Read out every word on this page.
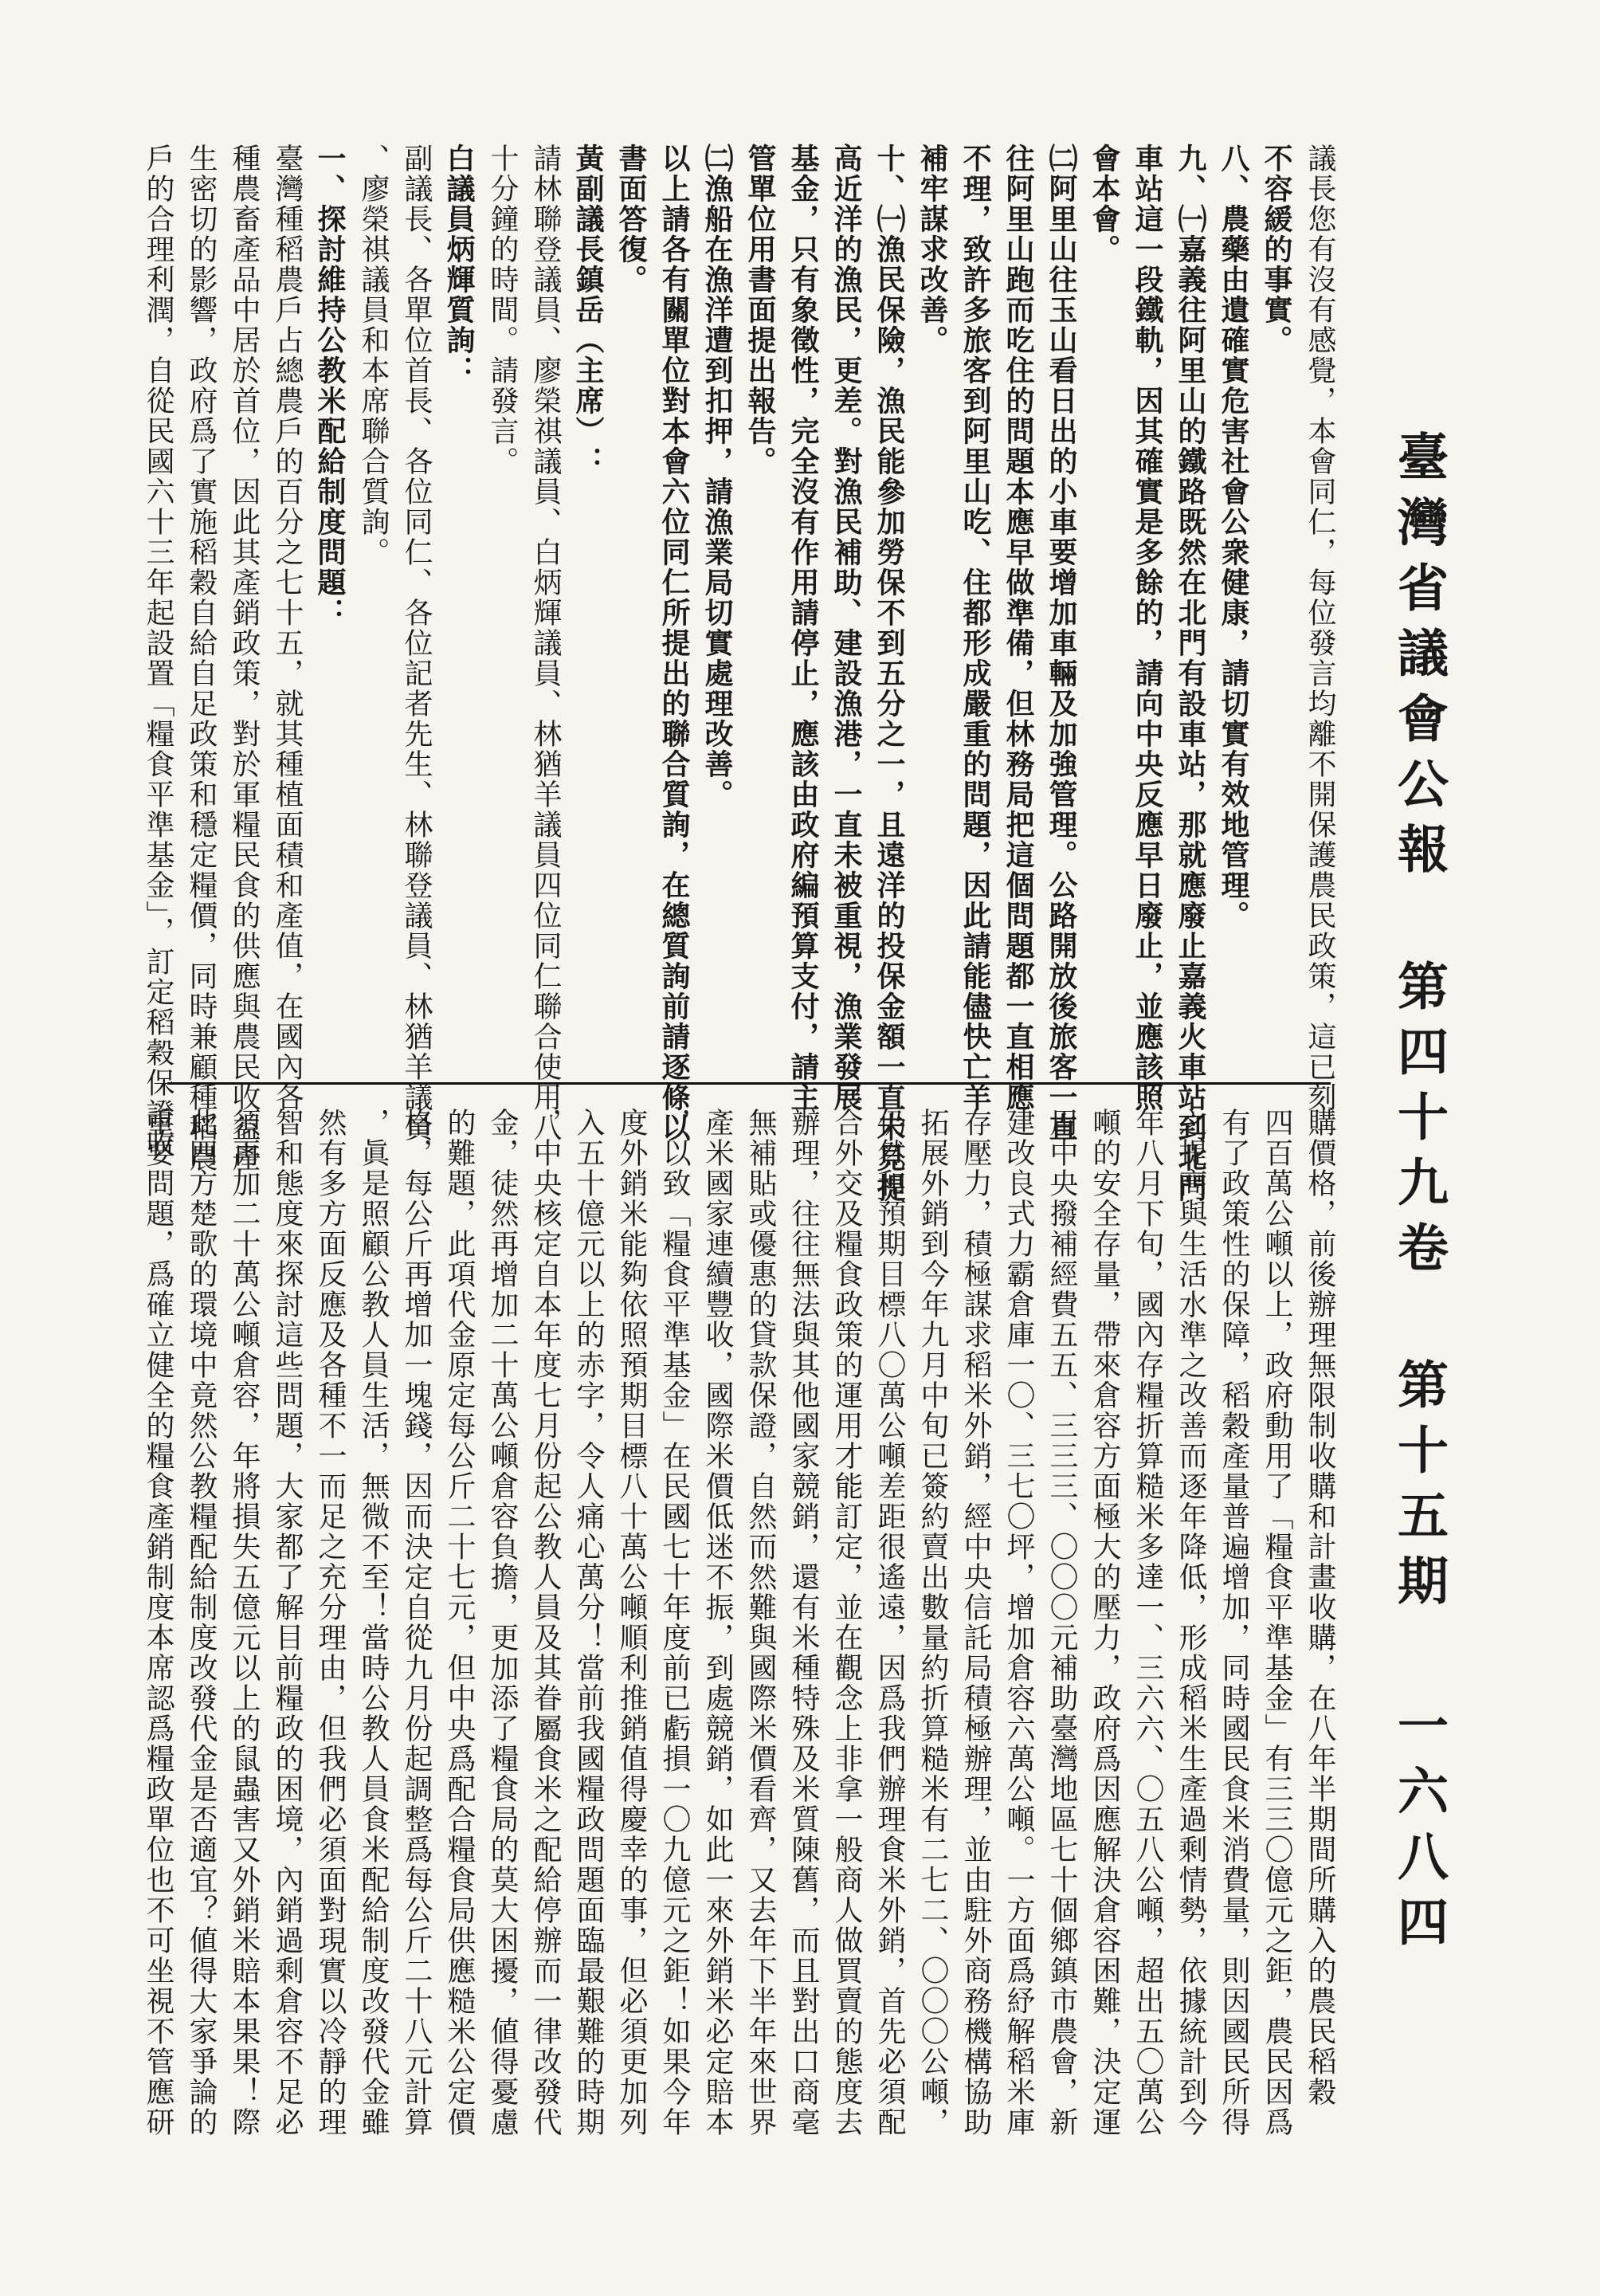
臺灣省議會公報第四十九卷第十五期一六八四
議長您有沒有感覺，本會同仁，每位發言均離不開保護農民政策，這已刻
不容緩的事實。
八、農藥由遺確實危害社會公衆健康，請切實有效地管理。
九、㈠嘉義往阿里山的鐵路既然在北門有設車站，那就應廢止嘉義火車站到北門
車站這一段鐵軌，因其確實是多餘的，請向中央反應早日廢止，並應該照
會本會。
㈡阿里山往玉山看日出的小車要增加車輛及加強管理。公路開放後旅客一直
往阿里山跑而吃住的問題本應早做準備，但林務局把這個問題都一直相應
不理，致許多旅客到阿里山吃、住都形成嚴重的問題，因此請能儘快亡羊
補牢謀求改善。
十、㈠漁民保險，漁民能參加勞保不到五分之一，且遠洋的投保金額一直未見提
高近洋的漁民，更差。對漁民補助、建設漁港，一直未被重視，漁業發展
基金，只有象徵性，完全沒有作用請停止，應該由政府編預算支付，請主
管單位用書面提出報告。
㈡漁船在漁洋遭到扣押，請漁業局切實處理改善。
以上請各有關單位對本會六位同仁所提出的聯合質詢，在總質詢前請逐條以
書面答復。
黃副議長鎮岳（主席）：
請林聯登議員、廖榮祺議員、白炳輝議員、林猶羊議員四位同仁聯合使用八
十分鐘的時間。請發言。
白議員炳輝質詢：
副議長、各單位首長、各位同仁、各位記者先生、林聯登議員、林猶羊議員
、廖榮祺議員和本席聯合質詢。
一、探討維持公教米配給制度問題：
臺灣種稻農戶占總農戶的百分之七十五，就其種植面積和產值，在國內各
種農畜產品中居於首位，因此其產銷政策，對於軍糧民食的供應與農民收益產
生密切的影響，政府爲了實施稻穀自給自足政策和穩定糧價，同時兼顧種稻農
戶的合理利潤，自從民國六十三年起設置「糧食平準基金」，訂定稻穀保證收
購價格，前後辦理無限制收購和計畫收購，在八年半期間所購入的農民稻穀
四百萬公噸以上，政府動用了「糧食平準基金」有三三〇億元之鉅，農民因爲
有了政策性的保障，稻穀產量普遍增加，同時國民食米消費量，則因國民所得
之提高與生活水準之改善而逐年降低，形成稻米生產過剩情勢，依據統計到今
年八月下旬，國內存糧折算糙米多達一、三六六、〇五八公噸，超出五〇萬公
噸的安全存量，帶來倉容方面極大的壓力，政府爲因應解決倉容困難，決定運
用中央撥補經費五五、三三三、〇〇〇元補助臺灣地區七十個鄉鎮市農會，新
建改良式力霸倉庫一〇、三七〇坪，增加倉容六萬公噸。一方面爲紓解稻米庫
存壓力，積極謀求稻米外銷，經中央信託局積極辦理，並由駐外商務機構協助
拓展外銷到今年九月中旬已簽約賣出數量約折算糙米有二七二、〇〇〇公噸，
仍然和預期目標八〇萬公噸差距很遙遠，因爲我們辦理食米外銷，首先必須配
合外交及糧食政策的運用才能訂定，並在觀念上非拿一般商人做買賣的態度去
辦理，往往無法與其他國家競銷，還有米種特殊及米質陳舊，而且對出口商毫
無補貼或優惠的貸款保證，自然而然難與國際米價看齊，又去年下半年來世界
產米國家連續豐收，國際米價低迷不振，到處競銷，如此一來外銷米必定賠本
，以致「糧食平準基金」在民國七十年度前已虧損一〇九億元之鉅！如果今年
度外銷米能夠依照預期目標八十萬公噸順利推銷值得慶幸的事，但必須更加列
入五十億元以上的赤字，令人痛心萬分！當前我國糧政問題面臨最艱難的時期
，中央核定自本年度七月份起公教人員及其眷屬食米之配給停辦而一律改發代
金，徒然再增加二十萬公噸倉容負擔，更加添了糧食局的莫大困擾，値得憂慮
的難題，此項代金原定每公斤二十七元，但中央爲配合糧食局供應糙米公定價
格，每公斤再增加一塊錢，因而決定自從九月份起調整爲每公斤二十八元計算
，眞是照顧公教人員生活，無微不至！當時公教人員食米配給制度改發代金雖
然有多方面反應及各種不一而足之充分理由，但我們必須面對現實以冷靜的理
智和態度來探討這些問題，大家都了解目前糧政的困境，內銷過剩倉容不足必
須再加二十萬公噸倉容，年將損失五億元以上的鼠蟲害又外銷米賠本果果！際
此四方楚歌的環境中竟然公教糧配給制度改發代金是否適宜？値得大家爭論的
重要問題，爲確立健全的糧食產銷制度本席認爲糧政單位也不可坐視不管應研
